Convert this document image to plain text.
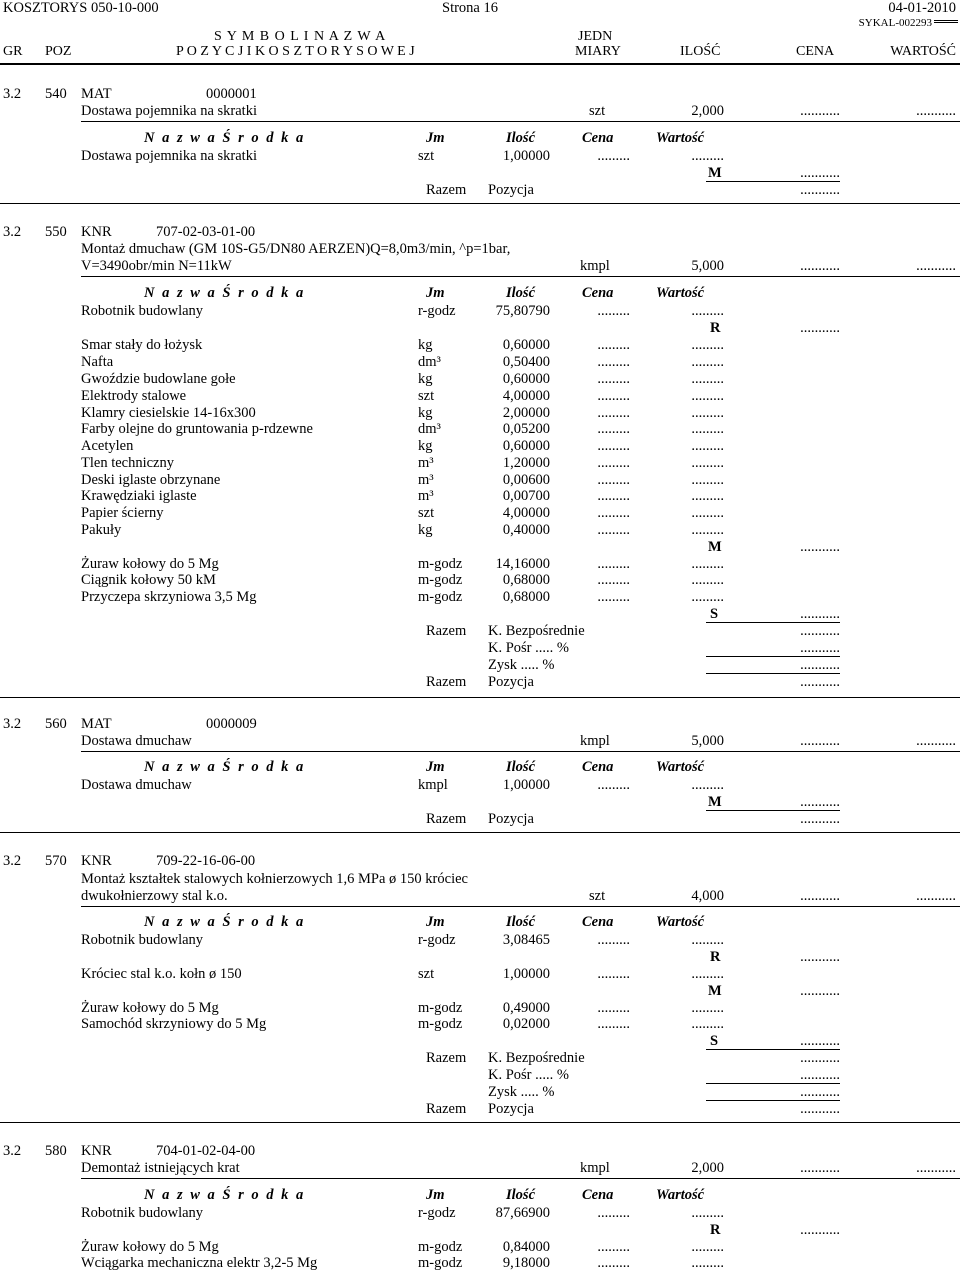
KOSZTORYS 050-10-000	Strona 16	04-01-2010
SYKAL-002293
S Y M B O L I N A Z W A	JEDN
GR POZ	P O Z Y C J I K O S Z T O R Y S O W E J	MIARY	ILOŚĆ	CENA	WARTOŚĆ
3.2 540 MAT	0000001
Dostawa pojemnika na skratki	szt	2,000	...........	...........
N a z w a Ś r o d k a	Jm	Ilość	Cena	Wartość
Dostawa pojemnika na skratki	szt	1,00000	.........	.........
M	...........
Razem Pozycja	...........
3.2 550 KNR	707-02-03-01-00
Montaż dmuchaw (GM 10S-G5/DN80 AERZEN)Q=8,0m3/min, ^p=1bar,
V=3490obr/min N=11kW	kmpl	5,000	...........	...........
N a z w a Ś r o d k a	Jm	Ilość	Cena	Wartość
Robotnik budowlany	r-godz	75,80790	.........	.........
R	...........
Smar stały do łożysk	kg	0,60000	.........	.........
Nafta	dm³	0,50400	.........	.........
Gwoździe budowlane gołe	kg	0,60000	.........	.........
Elektrody stalowe	szt	4,00000	.........	.........
Klamry ciesielskie 14-16x300	kg	2,00000	.........	.........
Farby olejne do gruntowania p-rdzewne	dm³	0,05200	.........	.........
Acetylen	kg	0,60000	.........	.........
Tlen techniczny	m³	1,20000	.........	.........
Deski iglaste obrzynane	m³	0,00600	.........	.........
Krawędziaki iglaste	m³	0,00700	.........	.........
Papier ścierny	szt	4,00000	.........	.........
Pakuły	kg	0,40000	.........	.........
M	...........
Żuraw kołowy do 5 Mg	m-godz 14,16000	.........	.........
Ciągnik kołowy 50 kM	m-godz	0,68000	.........	.........
Przyczepa skrzyniowa 3,5 Mg	m-godz	0,68000	.........	.........
S	...........
Razem K. Bezpośrednie	...........
K. Pośr ..... %	...........
Zysk ..... %	...........
Razem Pozycja	...........
3.2 560 MAT	0000009
Dostawa dmuchaw	kmpl	5,000	...........	...........
N a z w a Ś r o d k a	Jm	Ilość	Cena	Wartość
Dostawa dmuchaw	kmpl	1,00000	.........	.........
M	...........
Razem Pozycja	...........
3.2 570 KNR	709-22-16-06-00
Montaż kształtek stalowych kołnierzowych 1,6 MPa ø 150 króciec
dwukołnierzowy stal k.o.	szt	4,000	...........	...........
N a z w a Ś r o d k a	Jm	Ilość	Cena	Wartość
Robotnik budowlany	r-godz	3,08465	.........	.........
R	...........
Króciec stal k.o. kołn ø 150	szt	1,00000	.........	.........
M	...........
Żuraw kołowy do 5 Mg	m-godz	0,49000	.........	.........
Samochód skrzyniowy do 5 Mg	m-godz	0,02000	.........	.........
S	...........
Razem K. Bezpośrednie	...........
K. Pośr ..... %	...........
Zysk ..... %	...........
Razem Pozycja	...........
3.2 580 KNR	704-01-02-04-00
Demontaż istniejących krat	kmpl	2,000	...........	...........
N a z w a Ś r o d k a	Jm	Ilość	Cena	Wartość
Robotnik budowlany	r-godz	87,66900	.........	.........
R	...........
Żuraw kołowy do 5 Mg	m-godz	0,84000	.........	.........
Wciągarka mechaniczna elektr 3,2-5 Mg	m-godz	9,18000	.........	.........
